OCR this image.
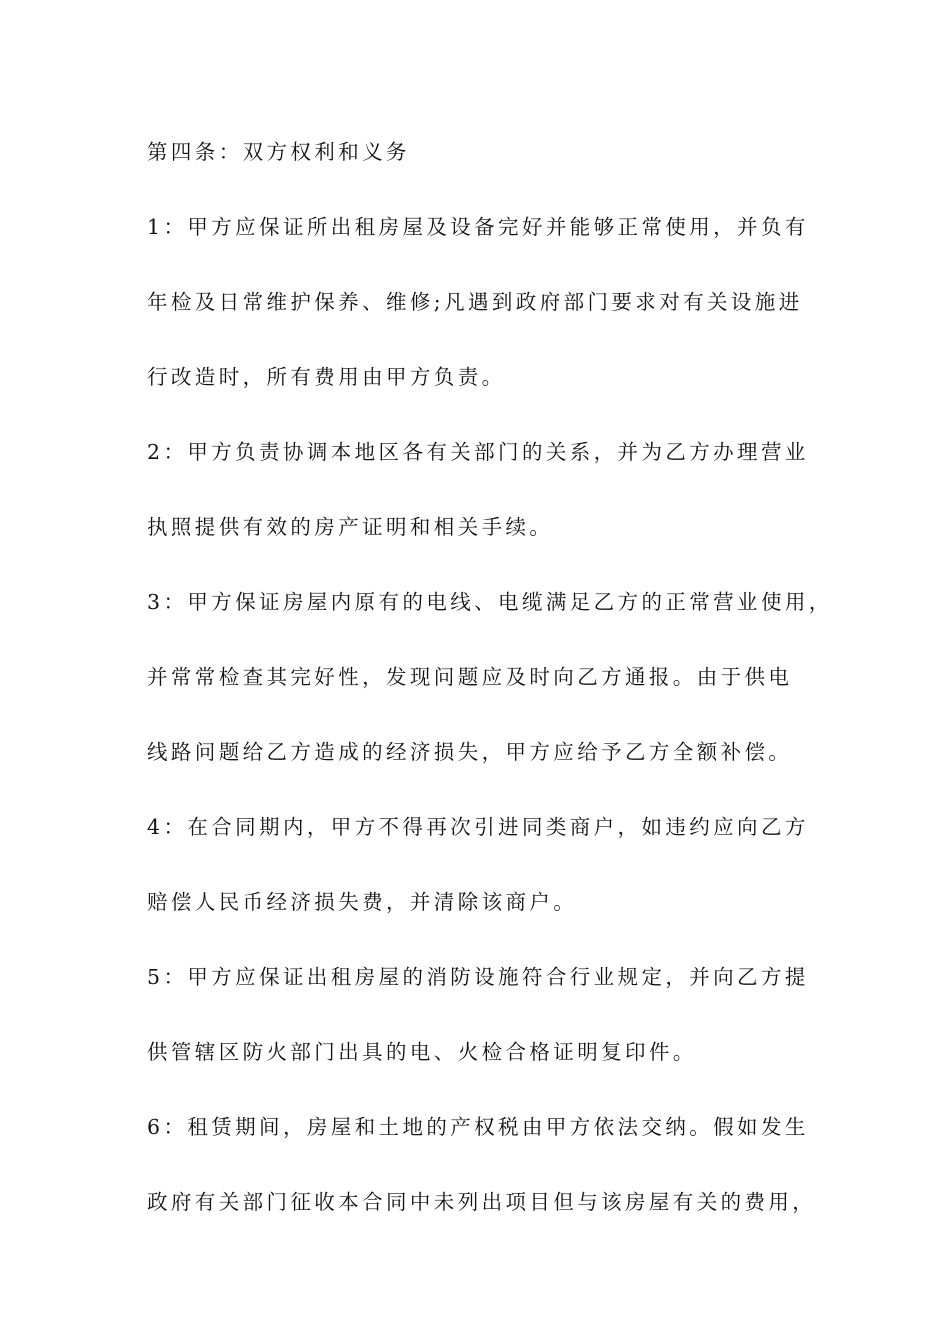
第四条：双方权利和义务
1：甲方应保证所出租房屋及设备完好并能够正常使用，并负有
年检及日常维护保养、维修;凡遇到政府部门要求对有关设施进
行改造时，所有费用由甲方负责。
2：甲方负责协调本地区各有关部门的关系，并为乙方办理营业
执照提供有效的房产证明和相关手续。
3：甲方保证房屋内原有的电线、电缆满足乙方的正常营业使用，
并常常检查其完好性，发现问题应及时向乙方通报。由于供电
线路问题给乙方造成的经济损失，甲方应给予乙方全额补偿。
4：在合同期内，甲方不得再次引进同类商户，如违约应向乙方
赔偿人民币经济损失费，并清除该商户。
5：甲方应保证出租房屋的消防设施符合行业规定，并向乙方提
供管辖区防火部门出具的电、火检合格证明复印件。
6：租赁期间，房屋和土地的产权税由甲方依法交纳。假如发生
政府有关部门征收本合同中未列出项目但与该房屋有关的费用，
